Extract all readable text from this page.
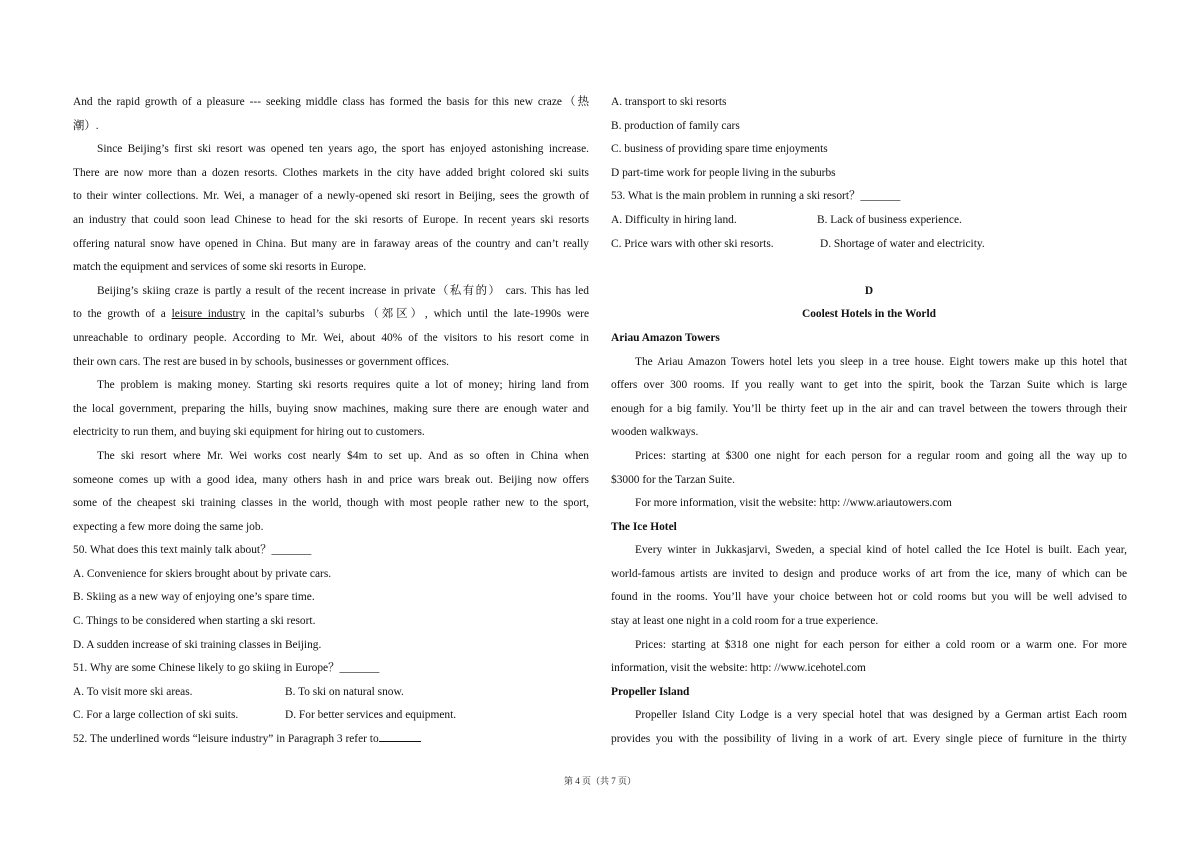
And the rapid growth of a pleasure --- seeking middle class has formed the basis for this new craze（热
潮）.
Since Beijing’s first ski resort was opened ten years ago, the sport has enjoyed astonishing increase.
There are now more than a dozen resorts. Clothes markets in the city have added bright colored ski suits
to their winter collections. Mr. Wei, a manager of a newly-opened ski resort in Beijing, sees the growth of
an industry that could soon lead Chinese to head for the ski resorts of Europe. In recent years ski resorts
offering natural snow have opened in China. But many are in faraway areas of the country and can’t really
match the equipment and services of some ski resorts in Europe.
Beijing’s skiing craze is partly a result of the recent increase in private（私有的） cars. This has led
to the growth of a leisure industry in the capital’s suburbs（郊区）, which until the late-1990s were
unreachable to ordinary people. According to Mr. Wei, about 40% of the visitors to his resort come in
their own cars. The rest are bused in by schools, businesses or government offices.
The problem is making money. Starting ski resorts requires quite a lot of money; hiring land from
the local government, preparing the hills, buying snow machines, making sure there are enough water and
electricity to run them, and buying ski equipment for hiring out to customers.
The ski resort where Mr. Wei works cost nearly $4m to set up. And as so often in China when
someone comes up with a good idea, many others hash in and price wars break out. Beijing now offers
some of the cheapest ski training classes in the world, though with most people rather new to the sport,
expecting a few more doing the same job.
50. What does this text mainly talk about？_______
A. Convenience for skiers brought about by private cars.
B. Skiing as a new way of enjoying one’s spare time.
C. Things to be considered when starting a ski resort.
D. A sudden increase of ski training classes in Beijing.
51. Why are some Chinese likely to go skiing in Europe？_______
A. To visit more ski areas.	B. To ski on natural snow.
C. For a large collection of ski suits.	D. For better services and equipment.
52. The underlined words “leisure industry” in Paragraph 3 refer to
A. transport to ski resorts
B. production of family cars
C. business of providing spare time enjoyments
D part-time work for people living in the suburbs
53. What is the main problem in running a ski resort？_______
A. Difficulty in hiring land.	B. Lack of business experience.
C. Price wars with other ski resorts.	D. Shortage of water and electricity.
D
Coolest Hotels in the World
Ariau Amazon Towers
The Ariau Amazon Towers hotel lets you sleep in a tree house. Eight towers make up this hotel that
offers over 300 rooms. If you really want to get into the spirit, book the Tarzan Suite which is large
enough for a big family. You’ll be thirty feet up in the air and can travel between the towers through their
wooden walkways.
Prices: starting at $300 one night for each person for a regular room and going all the way up to
$3000 for the Tarzan Suite.
For more information, visit the website: http: //www.ariautowers.com
The Ice Hotel
Every winter in Jukkasjarvi, Sweden, a special kind of hotel called the Ice Hotel is built. Each year,
world-famous artists are invited to design and produce works of art from the ice, many of which can be
found in the rooms. You’ll have your choice between hot or cold rooms but you will be well advised to
stay at least one night in a cold room for a true experience.
Prices: starting at $318 one night for each person for either a cold room or a warm one. For more
information, visit the website: http: //www.icehotel.com
Propeller Island
Propeller Island City Lodge is a very special hotel that was designed by a German artist Each room
provides you with the possibility of living in a work of art. Every single piece of furniture in the thirty
第 4 页（共 7 页）
